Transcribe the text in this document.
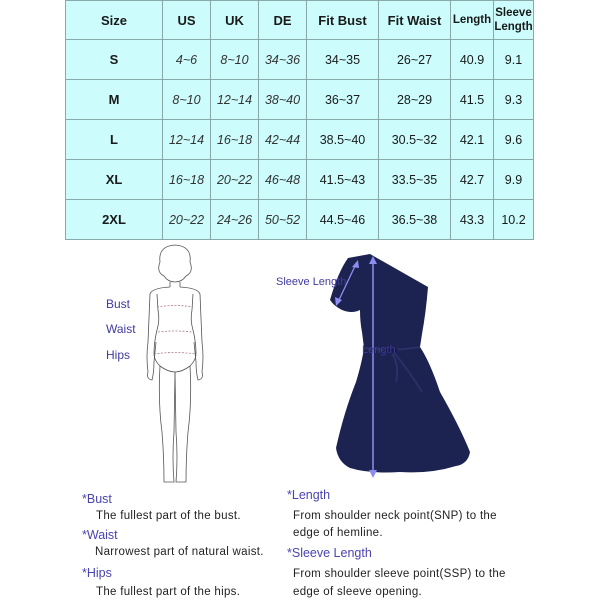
Size	US	UK	DE	Fit Bust	Fit Waist	Length	Sleeve
Length
S	4~6	8~10	34~36	34~35	26~27	40.9	9.1
M	8~10	12~14	38~40	36~37	28~29	41.5	9.3
L	12~14	16~18	42~44	38.5~40	30.5~32	42.1	9.6
XL	16~18	20~22	46~48	41.5~43	33.5~35	42.7	9.9
2XL	20~22	24~26	50~52	44.5~46	36.5~38	43.3	10.2
Bust
Waist
Hips
Sleeve Length
Length
*Bust
The fullest part of the bust.
*Waist
Narrowest part of natural waist.
*Hips
The fullest part of the hips.
*Length
From shoulder neck point(SNP) to the
edge of hemline.
*Sleeve Length
From shoulder sleeve point(SSP) to the
edge of sleeve opening.
